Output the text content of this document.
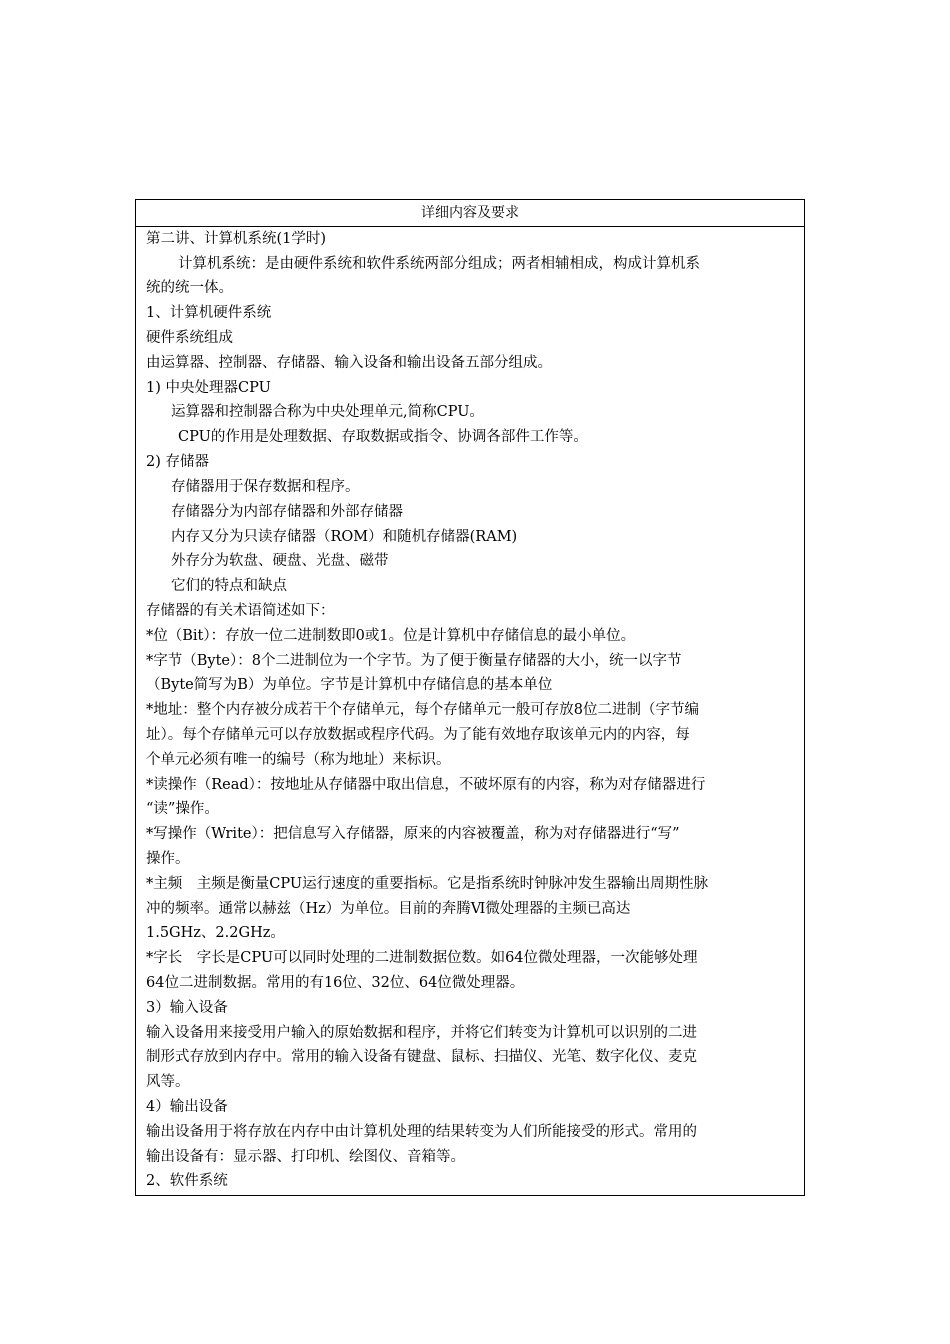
详细内容及要求
第二讲、计算机系统(1学时)
计算机系统：是由硬件系统和软件系统两部分组成；两者相辅相成，构成计算机系
统的统一体。
1、计算机硬件系统
硬件系统组成
由运算器、控制器、存储器、输入设备和输出设备五部分组成。
1) 中央处理器CPU
运算器和控制器合称为中央处理单元,简称CPU。
CPU的作用是处理数据、存取数据或指令、协调各部件工作等。
2) 存储器
存储器用于保存数据和程序。
存储器分为内部存储器和外部存储器
内存又分为只读存储器（ROM）和随机存储器(RAM)
外存分为软盘、硬盘、光盘、磁带
它们的特点和缺点
存储器的有关术语简述如下：
*位（Bit）：存放一位二进制数即0或1。位是计算机中存储信息的最小单位。
*字节（Byte）：8个二进制位为一个字节。为了便于衡量存储器的大小，统一以字节
（Byte简写为B）为单位。字节是计算机中存储信息的基本单位
*地址：整个内存被分成若干个存储单元，每个存储单元一般可存放8位二进制（字节编
址）。每个存储单元可以存放数据或程序代码。为了能有效地存取该单元内的内容，每
个单元必须有唯一的编号（称为地址）来标识。
*读操作（Read）：按地址从存储器中取出信息，不破坏原有的内容，称为对存储器进行
“读”操作。
*写操作（Write）：把信息写入存储器，原来的内容被覆盖，称为对存储器进行“写”
操作。
*主频　主频是衡量CPU运行速度的重要指标。它是指系统时钟脉冲发生器输出周期性脉
冲的频率。通常以赫兹（Hz）为单位。目前的奔腾Ⅵ微处理器的主频已高达
1.5GHz、2.2GHz。
*字长　字长是CPU可以同时处理的二进制数据位数。如64位微处理器，一次能够处理
64位二进制数据。常用的有16位、32位、64位微处理器。
3）输入设备
输入设备用来接受用户输入的原始数据和程序，并将它们转变为计算机可以识别的二进
制形式存放到内存中。常用的输入设备有键盘、鼠标、扫描仪、光笔、数字化仪、麦克
风等。
4）输出设备
输出设备用于将存放在内存中由计算机处理的结果转变为人们所能接受的形式。常用的
输出设备有：显示器、打印机、绘图仪、音箱等。
2、软件系统
